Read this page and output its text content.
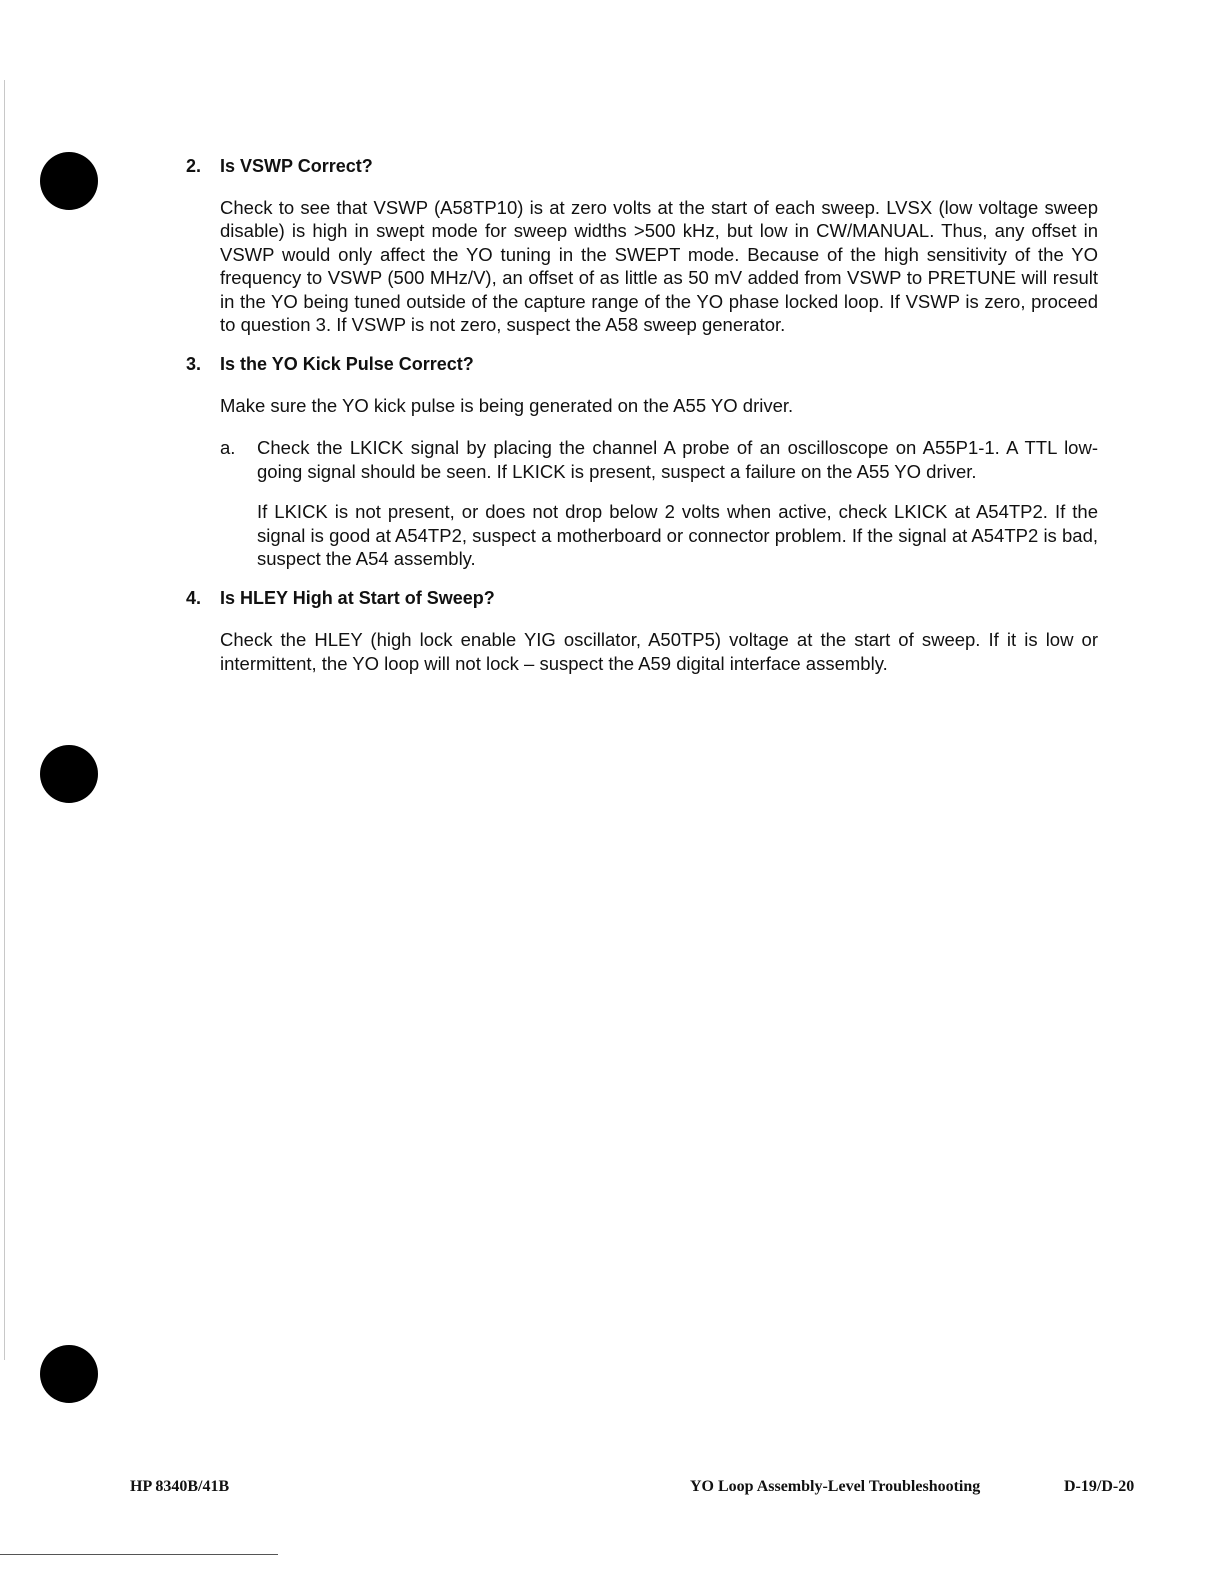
2. Is VSWP Correct?

Check to see that VSWP (A58TP10) is at zero volts at the start of each sweep. LVSX (low voltage sweep disable) is high in swept mode for sweep widths >500 kHz, but low in CW/MANUAL. Thus, any offset in VSWP would only affect the YO tuning in the SWEPT mode. Because of the high sensitivity of the YO frequency to VSWP (500 MHz/V), an offset of as little as 50 mV added from VSWP to PRETUNE will result in the YO being tuned outside of the capture range of the YO phase locked loop. If VSWP is zero, proceed to question 3. If VSWP is not zero, suspect the A58 sweep generator.

3. Is the YO Kick Pulse Correct?

Make sure the YO kick pulse is being generated on the A55 YO driver.

a. Check the LKICK signal by placing the channel A probe of an oscilloscope on A55P1-1. A TTL low-going signal should be seen. If LKICK is present, suspect a failure on the A55 YO driver.

If LKICK is not present, or does not drop below 2 volts when active, check LKICK at A54TP2. If the signal is good at A54TP2, suspect a motherboard or connector problem. If the signal at A54TP2 is bad, suspect the A54 assembly.

4. Is HLEY High at Start of Sweep?

Check the HLEY (high lock enable YIG oscillator, A50TP5) voltage at the start of sweep. If it is low or intermittent, the YO loop will not lock – suspect the A59 digital interface assembly.

HP 8340B/41B	YO Loop Assembly-Level Troubleshooting	D-19/D-20
